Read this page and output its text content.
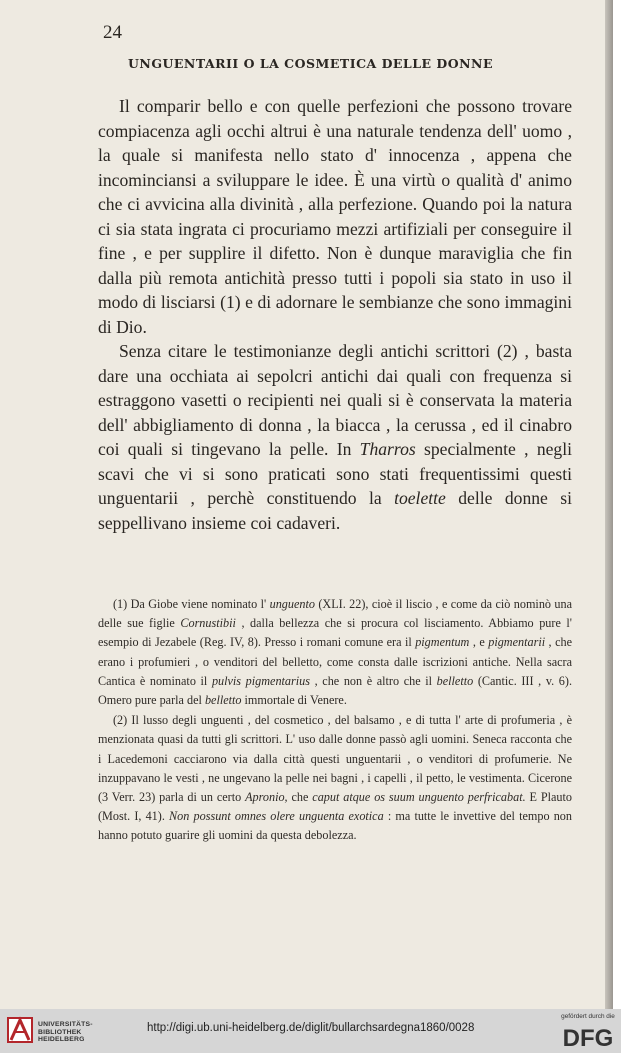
24
UNGUENTARII O LA COSMETICA DELLE DONNE

Il comparir bello e con quelle perfezioni che possono trovare compiacenza agli occhi altrui è una naturale tendenza dell' uomo , la quale si manifesta nello stato d' innocenza , appena che incominciansi a sviluppare le idee. È una virtù o qualità d' animo che ci avvicina alla divinità , alla perfezione. Quando poi la natura ci sia stata ingrata ci procuriamo mezzi artifiziali per conseguire il fine , e per supplire il difetto. Non è dunque maraviglia che fin dalla più remota antichità presso tutti i popoli sia stato in uso il modo di lisciarsi (1) e di adornare le sembianze che sono immagini di Dio.

Senza citare le testimonianze degli antichi scrittori (2) , basta dare una occhiata ai sepolcri antichi dai quali con frequenza si estraggono vasetti o recipienti nei quali si è conservata la materia dell' abbigliamento di donna , la biacca , la cerussa , ed il cinabro coi quali si tingevano la pelle. In Tharros specialmente , negli scavi che vi si sono praticati sono stati frequentissimi questi unguentarii , perchè constituendo la toelette delle donne si seppellivano insieme coi cadaveri.

(1) Da Giobe viene nominato l' unguento (XLI. 22), cioè il liscio , e come da ciò nominò una delle sue figlie Cornustibii , dalla bellezza che si procura col lisciamento. Abbiamo pure l' esempio di Jezabele (Reg. IV, 8). Presso i romani comune era il pigmentum , e pigmentarii , che erano i profumieri , o venditori del belletto, come consta dalle iscrizioni antiche. Nella sacra Cantica è nominato il pulvis pigmentarius , che non è altro che il belletto (Cantic. III , v. 6). Omero pure parla del belletto immortale di Venere.

(2) Il lusso degli unguenti , del cosmetico , del balsamo , e di tutta l' arte di profumeria , è menzionata quasi da tutti gli scrittori. L' uso dalle donne passò agli uomini. Seneca racconta che i Lacedemoni cacciarono via dalla città questi unguentarii , o venditori di profumerie. Ne inzuppavano le vesti , ne ungevano la pelle nei bagni , i capelli , il petto, le vestimenta. Cicerone (3 Verr. 23) parla di un certo Apronio, che caput atque os suum unguento perfricabat. E Plauto (Most. I, 41). Non possunt omnes olere unguenta exotica : ma tutte le invettive del tempo non hanno potuto guarire gli uomini da questa debolezza.

UNIVERSITÄTS-
BIBLIOTHEK
HEIDELBERG
http://digi.ub.uni-heidelberg.de/diglit/bullarchsardegna1860/0028
gefördert durch die
DFG
